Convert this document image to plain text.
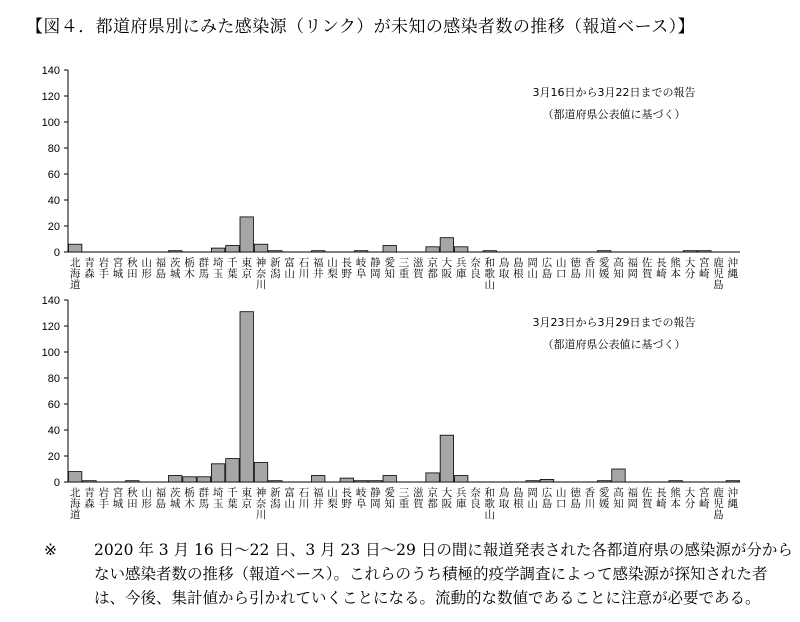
【図４．都道府県別にみた感染源（リンク）が未知の感染者数の推移（報道ベース）】
0
20
40
60
80
100
120
140
北海道
青森
岩手
宮城
秋田
山形
福島
茨城
栃木
群馬
埼玉
千葉
東京
神奈川
新潟
富山
石川
福井
山梨
長野
岐阜
静岡
愛知
三重
滋賀
京都
大阪
兵庫
奈良
和歌山
鳥取
島根
岡山
広島
山口
徳島
香川
愛媛
高知
福岡
佐賀
長崎
熊本
大分
宮崎
鹿児島
沖縄
3月16日から3月22日までの報告
（都道府県公表値に基づく）
0
20
40
60
80
100
120
140
北海道
青森
岩手
宮城
秋田
山形
福島
茨城
栃木
群馬
埼玉
千葉
東京
神奈川
新潟
富山
石川
福井
山梨
長野
岐阜
静岡
愛知
三重
滋賀
京都
大阪
兵庫
奈良
和歌山
鳥取
島根
岡山
広島
山口
徳島
香川
愛媛
高知
福岡
佐賀
長崎
熊本
大分
宮崎
鹿児島
沖縄
3月23日から3月29日までの報告
（都道府県公表値に基づく）
※	2020 年 3 月 16 日～22 日、3 月 23 日～29 日の間に報道発表された各都道府県の感染源が分から
ない感染者数の推移（報道ベース）。これらのうち積極的疫学調査によって感染源が探知された者
は、今後、集計値から引かれていくことになる。流動的な数値であることに注意が必要である。
